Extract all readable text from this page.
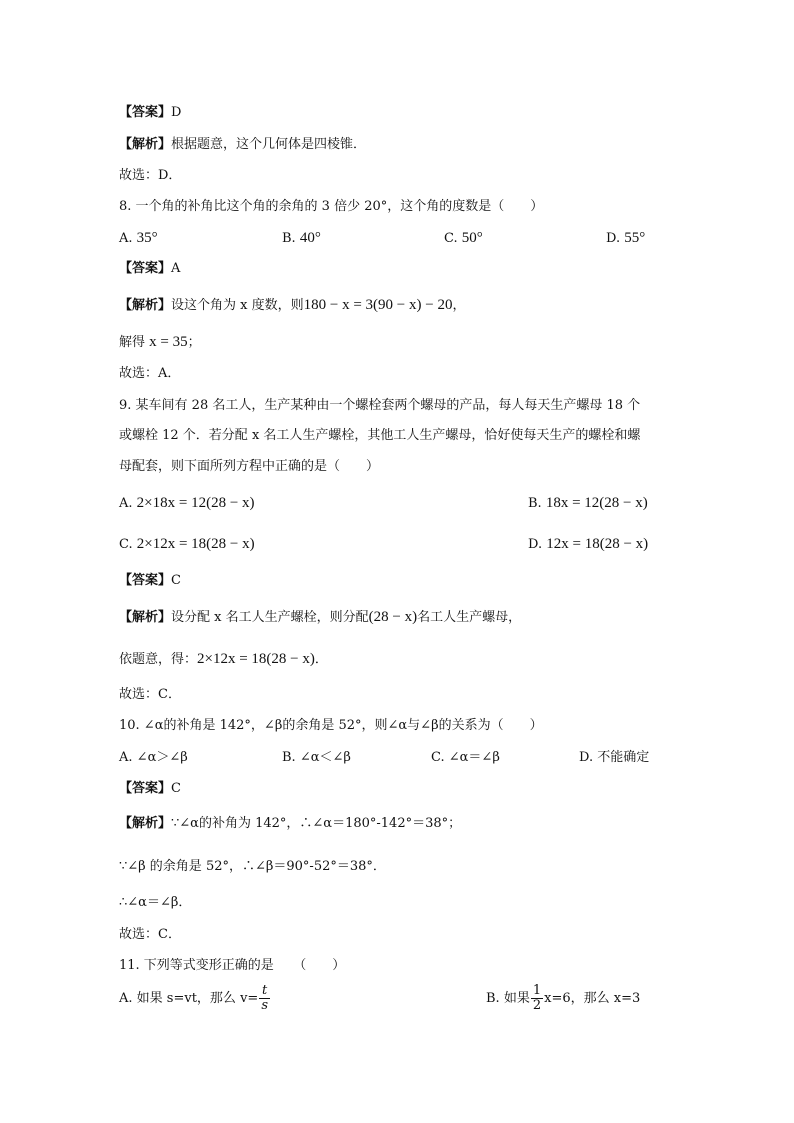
【答案】D
【解析】根据题意，这个几何体是四棱锥．
故选：D．
8. 一个角的补角比这个角的余角的 3 倍少 20°，这个角的度数是（　　）
A. 35°	B. 40°	C. 50°	D. 55°
【答案】A
【解析】设这个角为 x 度数，则180 − x = 3(90 − x) − 20，
解得 x = 35；
故选：A．
9. 某车间有 28 名工人，生产某种由一个螺栓套两个螺母的产品，每人每天生产螺母 18 个
或螺栓 12 个．若分配 x 名工人生产螺栓，其他工人生产螺母，恰好使每天生产的螺栓和螺
母配套，则下面所列方程中正确的是（　　）
A. 2×18x = 12(28 − x)	B. 18x = 12(28 − x)
C. 2×12x = 18(28 − x)	D. 12x = 18(28 − x)
【答案】C
【解析】设分配 x 名工人生产螺栓，则分配(28 − x)名工人生产螺母，
依题意，得：2×12x = 18(28 − x)．
故选：C．
10. ∠α的补角是 142°，∠β的余角是 52°，则∠α与∠β的关系为（　　）
A. ∠α＞∠β	B. ∠α＜∠β	C. ∠α＝∠β	D. 不能确定
【答案】C
【解析】∵∠α的补角为 142°，∴∠α＝180°-142°＝38°；
∵∠β 的余角是 52°，∴∠β＝90°-52°＝38°．
∴∠α＝∠β．
故选：C．
11. 下列等式变形正确的是　　（　　）
A. 如果 s=vt，那么 $v= \frac{t}{s}$	B. 如果 $\frac{1}{2} x=6$，那么 x=3
